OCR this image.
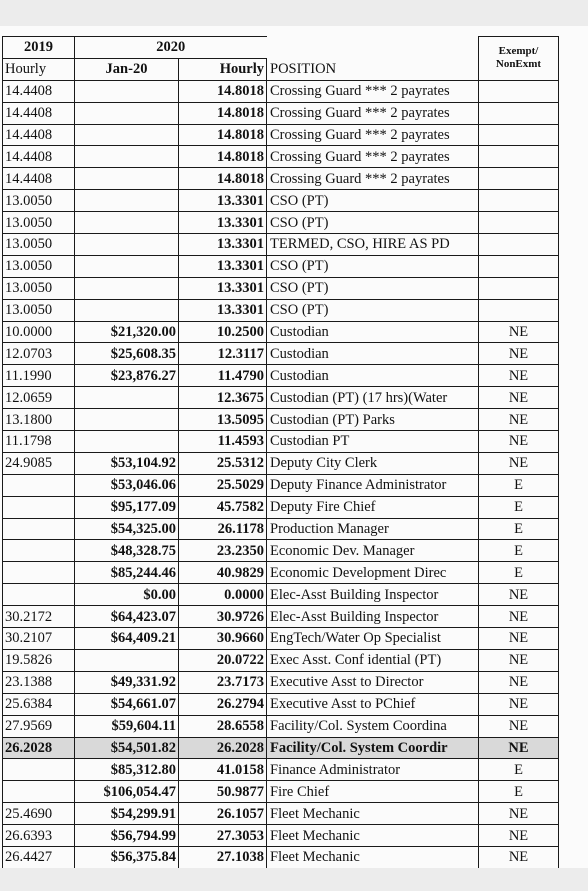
2019	2020			Exempt/
NonExmt

Hourly	Jan-20	Hourly	POSITION	
14.4408		14.8018	Crossing Guard *** 2 payrates	
14.4408		14.8018	Crossing Guard *** 2 payrates	
14.4408		14.8018	Crossing Guard *** 2 payrates	
14.4408		14.8018	Crossing Guard *** 2 payrates	
14.4408		14.8018	Crossing Guard *** 2 payrates	
13.0050		13.3301	CSO (PT)	
13.0050		13.3301	CSO (PT)	
13.0050		13.3301	TERMED, CSO, HIRE AS PD	
13.0050		13.3301	CSO (PT)	
13.0050		13.3301	CSO (PT)	
13.0050		13.3301	CSO (PT)	
10.0000	$21,320.00	10.2500	Custodian	NE
12.0703	$25,608.35	12.3117	Custodian	NE
11.1990	$23,876.27	11.4790	Custodian	NE
12.0659		12.3675	Custodian (PT) (17 hrs)(Water	NE
13.1800		13.5095	Custodian (PT) Parks	NE
11.1798		11.4593	Custodian PT	NE
24.9085	$53,104.92	25.5312	Deputy City Clerk	NE
	$53,046.06	25.5029	Deputy Finance Administrator	E
	$95,177.09	45.7582	Deputy Fire Chief	E
	$54,325.00	26.1178	Production Manager	E
	$48,328.75	23.2350	Economic Dev. Manager	E
	$85,244.46	40.9829	Economic Development Direc	E
	$0.00	0.0000	Elec-Asst Building Inspector	NE
30.2172	$64,423.07	30.9726	Elec-Asst Building Inspector	NE
30.2107	$64,409.21	30.9660	EngTech/Water Op Specialist	NE
19.5826		20.0722	Exec Asst. Conf idential (PT)	NE
23.1388	$49,331.92	23.7173	Executive Asst to Director	NE
25.6384	$54,661.07	26.2794	Executive Asst to PChief	NE
27.9569	$59,604.11	28.6558	Facility/Col. System Coordina	NE
26.2028	$54,501.82	26.2028	Facility/Col. System Coordir	NE
	$85,312.80	41.0158	Finance Administrator	E
	$106,054.47	50.9877	Fire Chief	E
25.4690	$54,299.91	26.1057	Fleet Mechanic	NE
26.6393	$56,794.99	27.3053	Fleet Mechanic	NE
26.4427	$56,375.84	27.1038	Fleet Mechanic	NE
